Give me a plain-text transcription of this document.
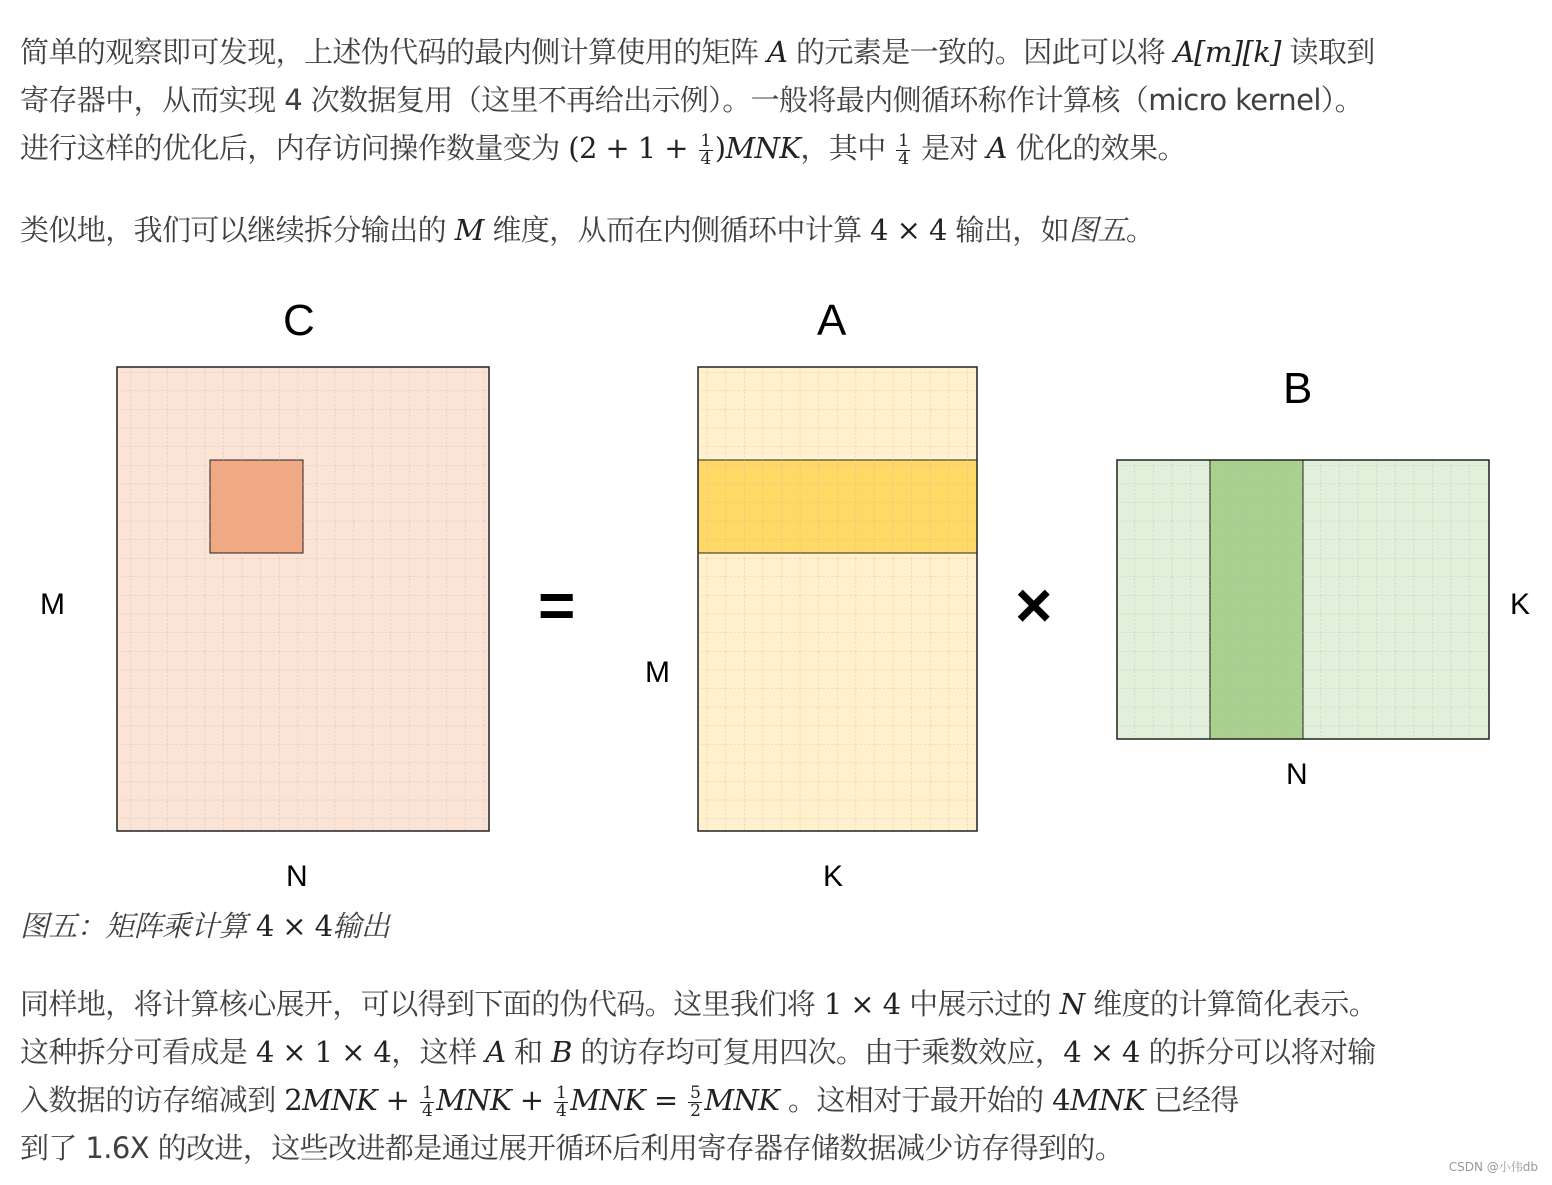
简单的观察即可发现，上述伪代码的最内侧计算使用的矩阵 A 的元素是一致的。因此可以将 A[m][k] 读取到
寄存器中，从而实现 4 次数据复用（这里不再给出示例）。一般将最内侧循环称作计算核（micro kernel）。
进行这样的优化后，内存访问操作数量变为 $(2 + 1 + \frac{1}{4} )MNK$，其中 $\frac{1}{4}$ 是对 A 优化的效果。
类似地，我们可以继续拆分输出的 M 维度，从而在内侧循环中计算 4 × 4 输出，如图五。
C
M
N
=
A
M
K
×
B
K
N
图五：矩阵乘计算 4 × 4输出
同样地，将计算核心展开，可以得到下面的伪代码。这里我们将 1 × 4 中展示过的 N 维度的计算简化表示。
这种拆分可看成是 4 × 1 × 4，这样 A 和 B 的访存均可复用四次。由于乘数效应，4 × 4 的拆分可以将对输
入数据的访存缩减到 $2MNK + \frac{1}{4}$ MNK + $\frac{1}{4}$ MNK = $\frac{5}{2}$ MNK 。这相对于最开始的 4MNK 已经得
到了 1.6X 的改进，这些改进都是通过展开循环后利用寄存器存储数据减少访存得到的。
CSDN @小伟db
